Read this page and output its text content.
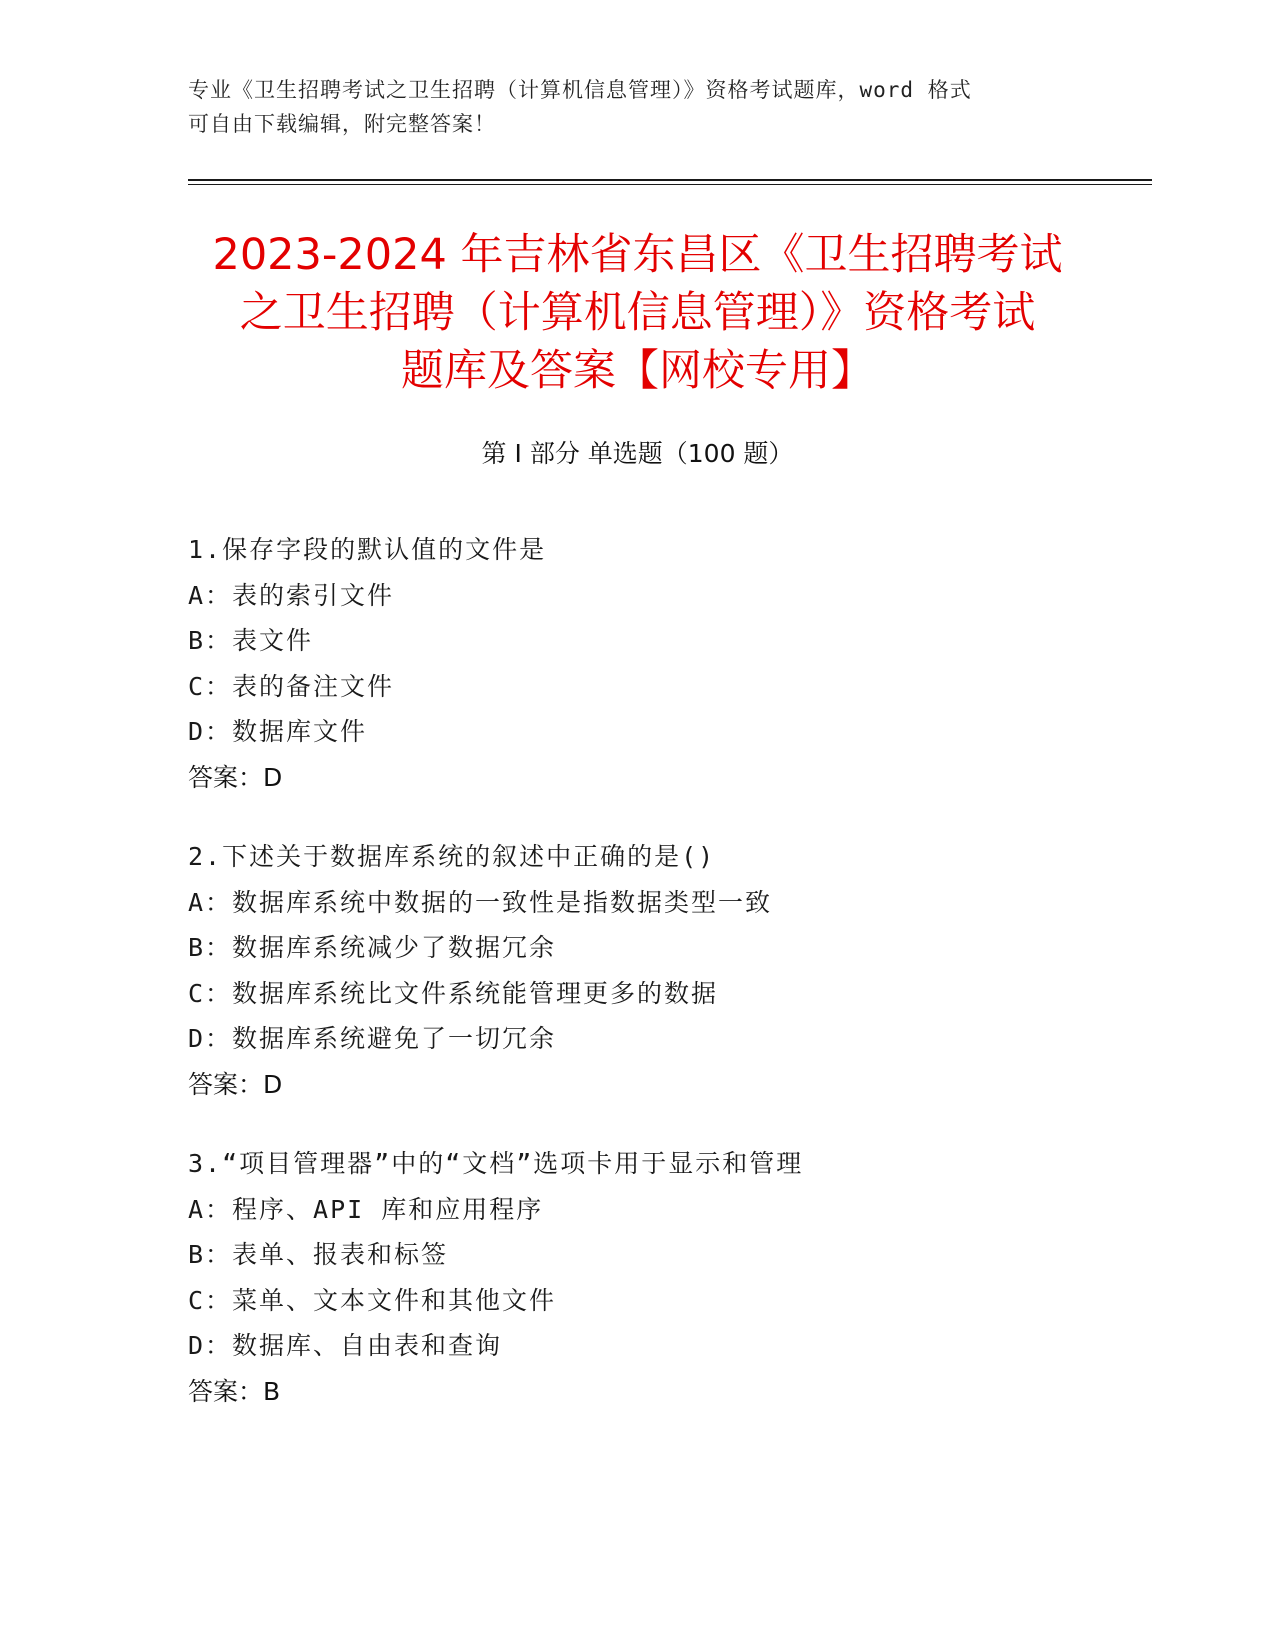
专业《卫生招聘考试之卫生招聘（计算机信息管理）》资格考试题库，word 格式
可自由下载编辑，附完整答案！
2023-2024 年吉林省东昌区《卫生招聘考试
之卫生招聘（计算机信息管理）》资格考试
题库及答案【网校专用】
第 I 部分 单选题（100 题）
1.保存字段的默认值的文件是
A：表的索引文件
B：表文件
C：表的备注文件
D：数据库文件
答案：D
2.下述关于数据库系统的叙述中正确的是()
A：数据库系统中数据的一致性是指数据类型一致
B：数据库系统减少了数据冗余
C：数据库系统比文件系统能管理更多的数据
D：数据库系统避免了一切冗余
答案：D
3.“项目管理器”中的“文档”选项卡用于显示和管理
A：程序、API 库和应用程序
B：表单、报表和标签
C：菜单、文本文件和其他文件
D：数据库、自由表和查询
答案：B
